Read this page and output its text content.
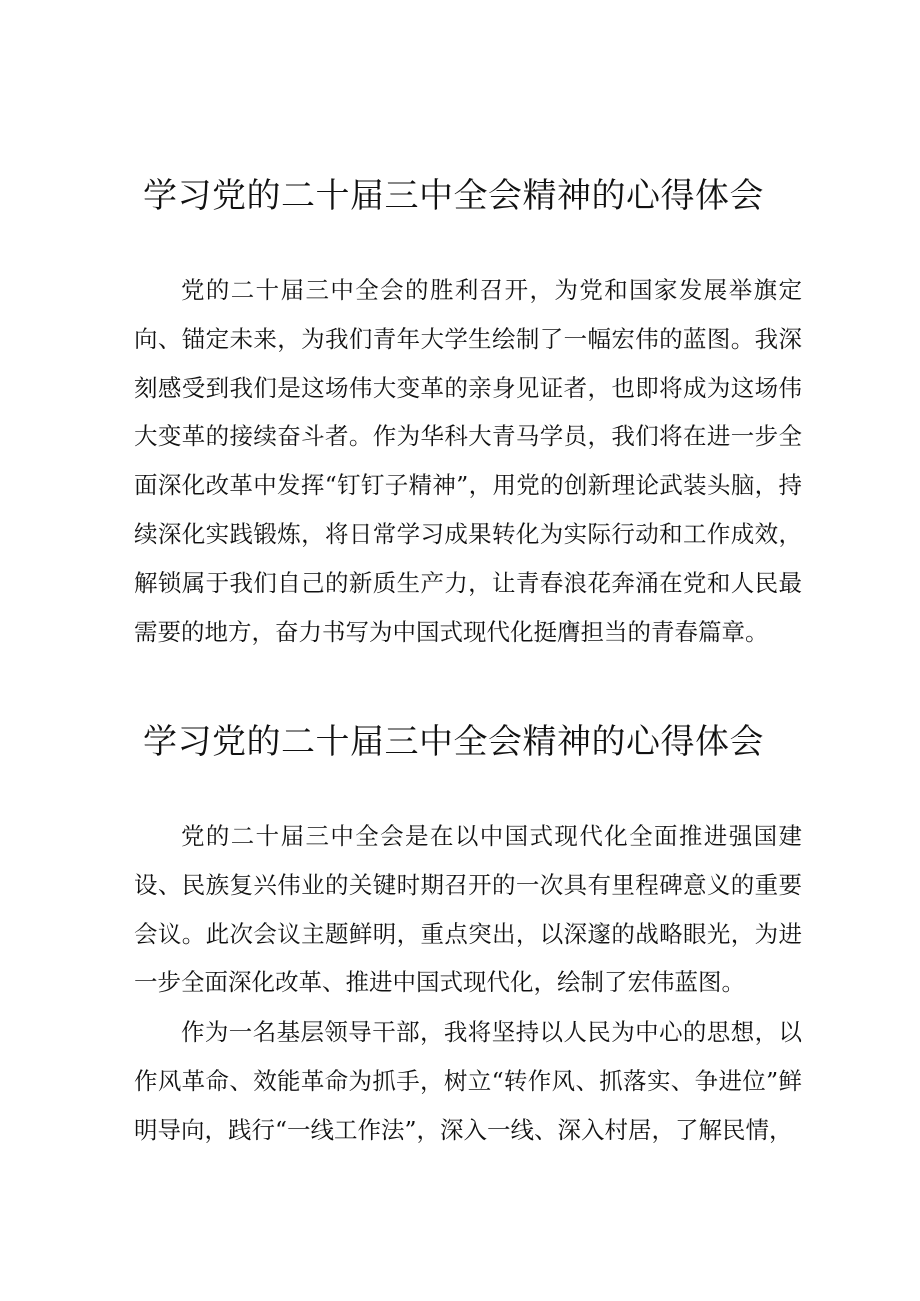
学习党的二十届三中全会精神的心得体会

党的二十届三中全会的胜利召开，为党和国家发展举旗定向、锚定未来，为我们青年大学生绘制了一幅宏伟的蓝图。我深刻感受到我们是这场伟大变革的亲身见证者，也即将成为这场伟大变革的接续奋斗者。作为华科大青马学员，我们将在进一步全面深化改革中发挥“钉钉子精神”，用党的创新理论武装头脑，持续深化实践锻炼，将日常学习成果转化为实际行动和工作成效，解锁属于我们自己的新质生产力，让青春浪花奔涌在党和人民最需要的地方，奋力书写为中国式现代化挺膺担当的青春篇章。

学习党的二十届三中全会精神的心得体会

党的二十届三中全会是在以中国式现代化全面推进强国建设、民族复兴伟业的关键时期召开的一次具有里程碑意义的重要会议。此次会议主题鲜明，重点突出，以深邃的战略眼光，为进一步全面深化改革、推进中国式现代化，绘制了宏伟蓝图。

作为一名基层领导干部，我将坚持以人民为中心的思想，以作风革命、效能革命为抓手，树立“转作风、抓落实、争进位”鲜明导向，践行“一线工作法”，深入一线、深入村居，了解民情，
